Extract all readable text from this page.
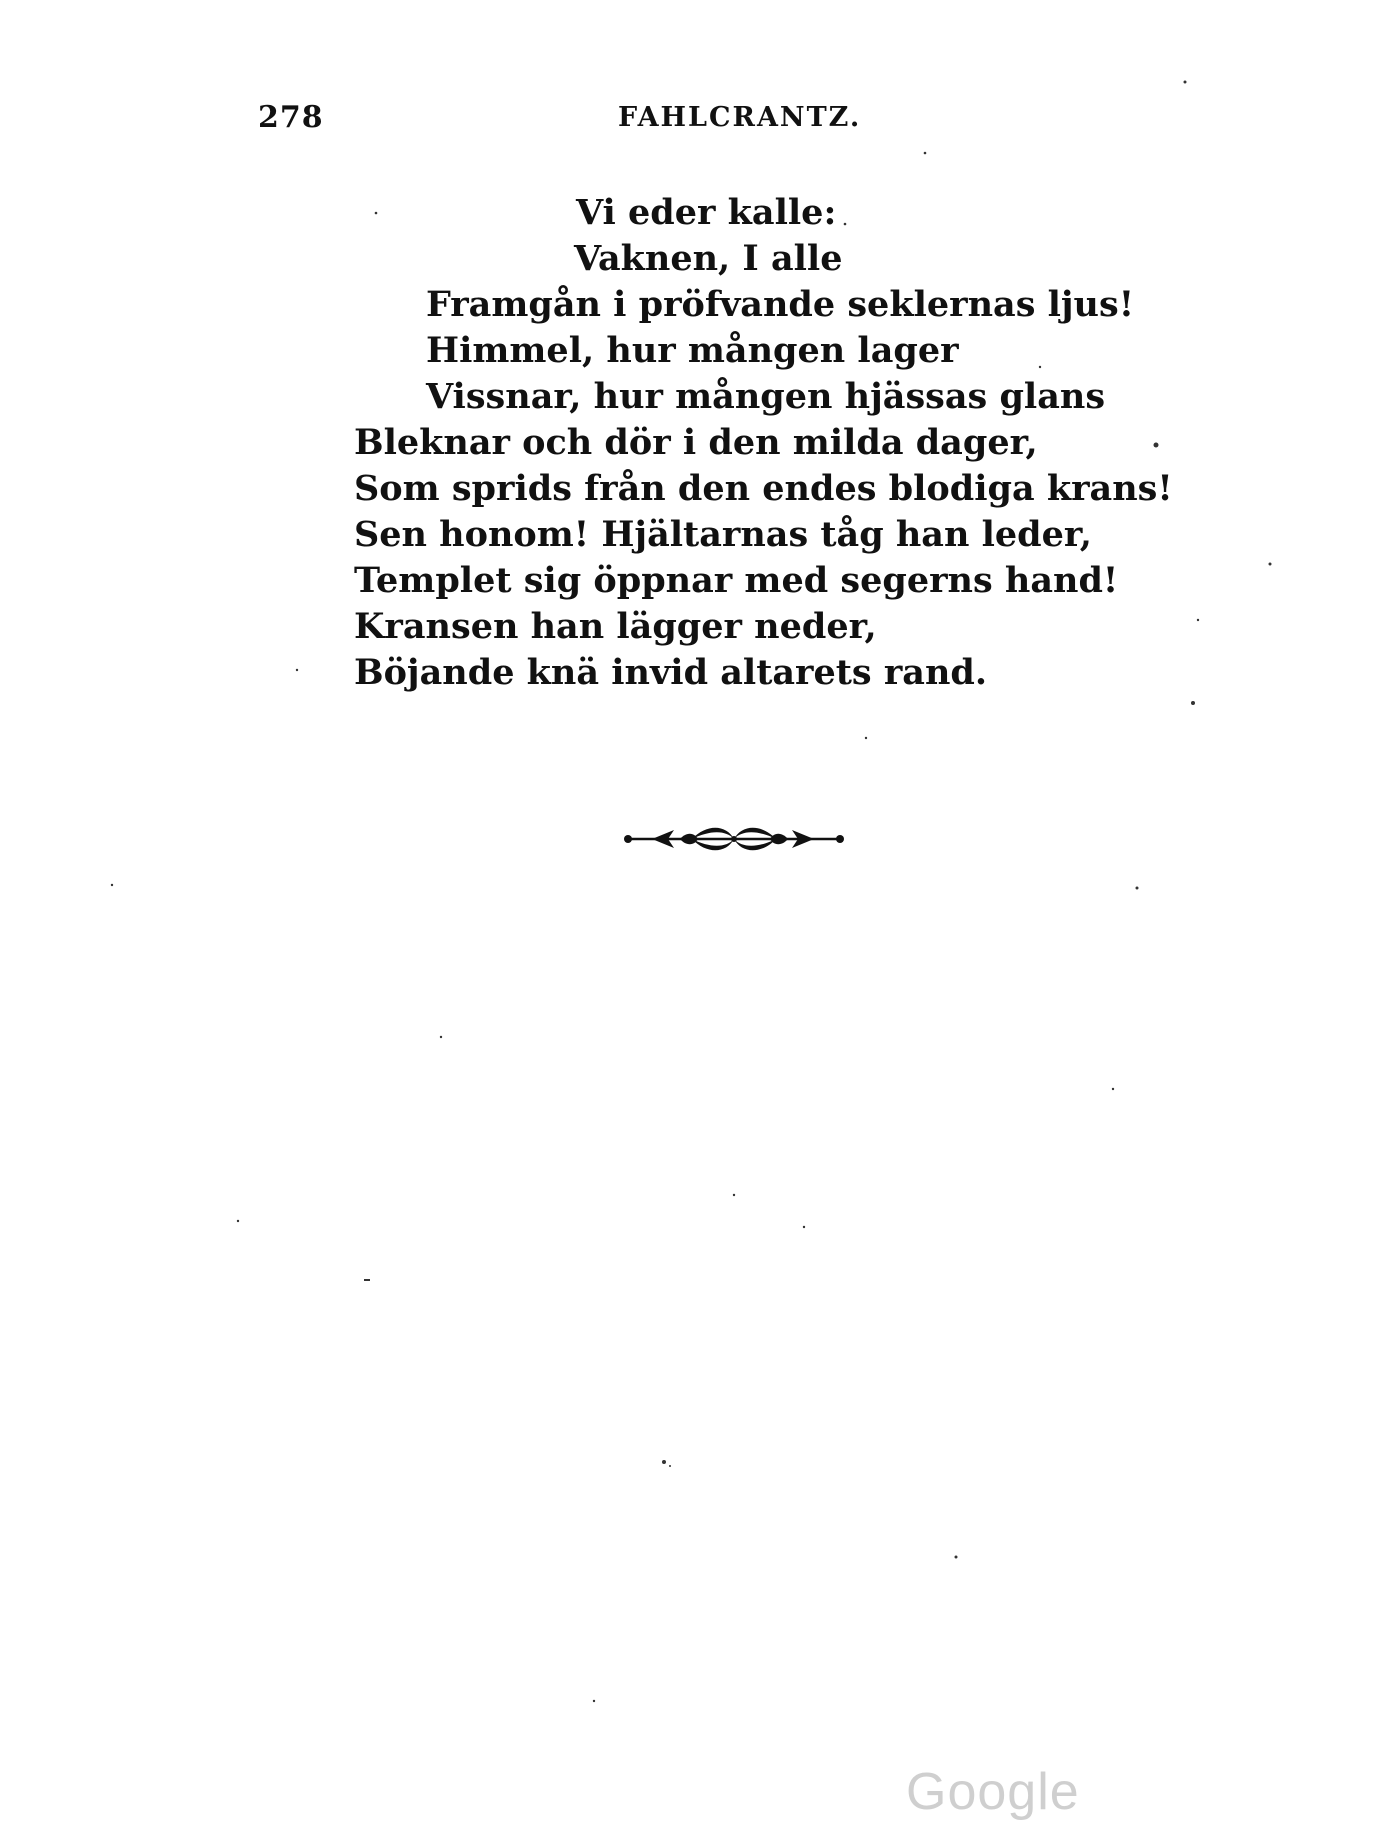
278	FAHLCRANTZ.
Vi eder kalle:
Vaknen, I alle
Framgån i pröfvande seklernas ljus!
Himmel, hur mången lager
Vissnar, hur mången hjässas glans
Bleknar och dör i den milda dager,
Som sprids från den endes blodiga krans!
Sen honom! Hjältarnas tåg han leder,
Templet sig öppnar med segerns hand!
Kransen han lägger neder,
Böjande knä invid altarets rand.
Google
